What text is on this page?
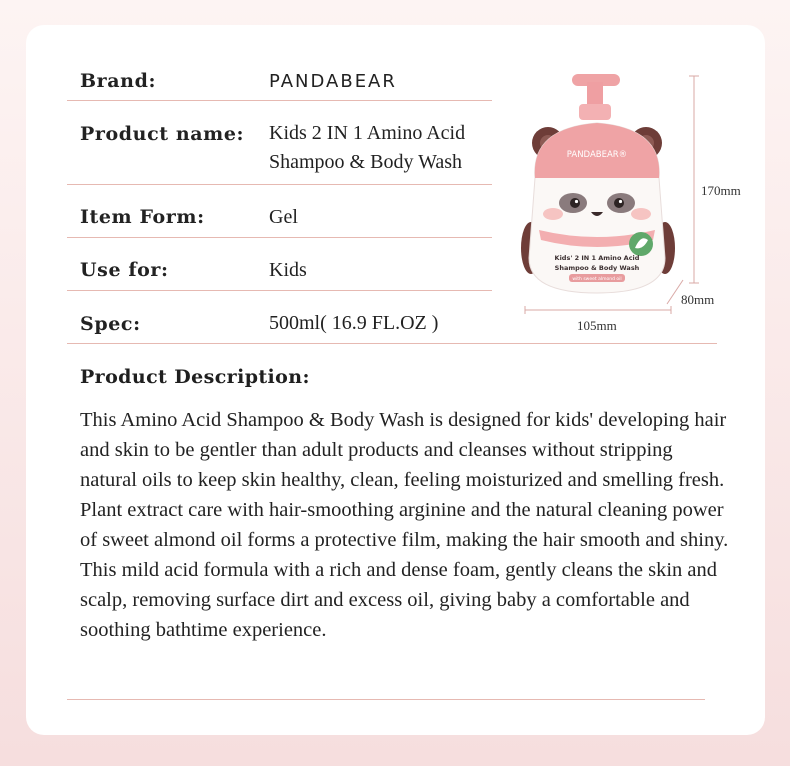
Brand:	PANDABEAR
Product name: Kids 2 IN 1 Amino Acid
Shampoo & Body Wash
Item Form:	Gel
Use for:	Kids
Spec:	500ml( 16.9 FL.OZ )
PANDABEAR®
Kids' 2 IN 1 Amino Acid
Shampoo & Body Wash
with sweet almond oil
170mm
80mm
105mm
Product Description:
This Amino Acid Shampoo & Body Wash is designed for kids' developing hair and skin to be gentler than adult products and cleanses without stripping natural oils to keep skin healthy, clean, feeling moisturized and smelling fresh. Plant extract care with hair-smoothing arginine and the natural cleaning power of sweet almond oil forms a protective film, making the hair smooth and shiny. This mild acid formula with a rich and dense foam, gently cleans the skin and scalp, removing surface dirt and excess oil, giving baby a comfortable and soothing bathtime experience.
